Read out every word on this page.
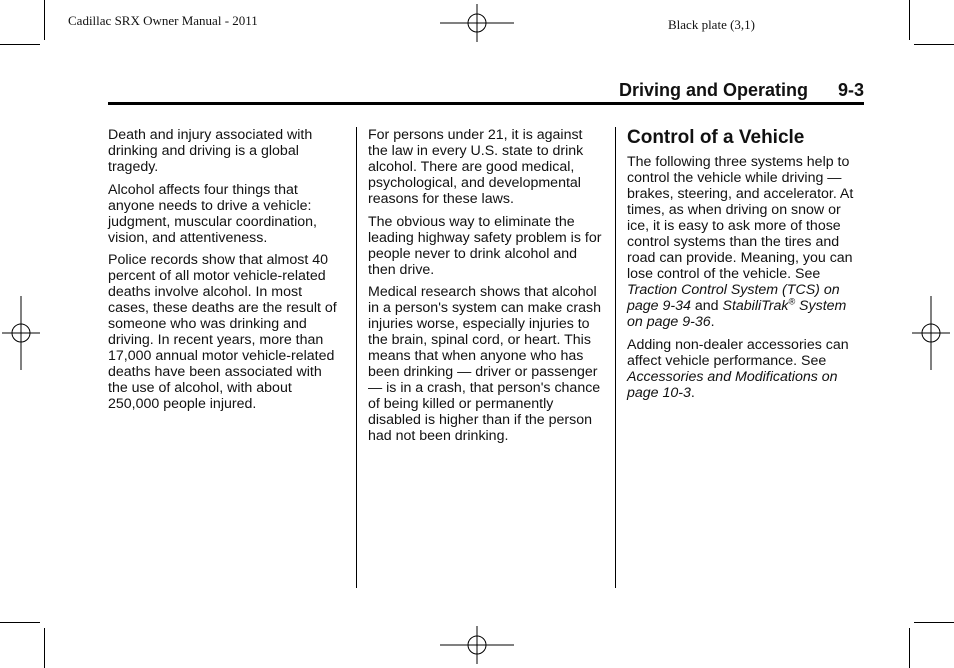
Cadillac SRX Owner Manual - 2011	Black plate (3,1)
Driving and Operating 9-3

Death and injury associated with drinking and driving is a global tragedy.

Alcohol affects four things that anyone needs to drive a vehicle: judgment, muscular coordination, vision, and attentiveness.

Police records show that almost 40 percent of all motor vehicle-related deaths involve alcohol. In most cases, these deaths are the result of someone who was drinking and driving. In recent years, more than 17,000 annual motor vehicle-related deaths have been associated with the use of alcohol, with about 250,000 people injured.

For persons under 21, it is against the law in every U.S. state to drink alcohol. There are good medical, psychological, and developmental reasons for these laws.

The obvious way to eliminate the leading highway safety problem is for people never to drink alcohol and then drive.

Medical research shows that alcohol in a person's system can make crash injuries worse, especially injuries to the brain, spinal cord, or heart. This means that when anyone who has been drinking — driver or passenger — is in a crash, that person's chance of being killed or permanently disabled is higher than if the person had not been drinking.

Control of a Vehicle

The following three systems help to control the vehicle while driving — brakes, steering, and accelerator. At times, as when driving on snow or ice, it is easy to ask more of those control systems than the tires and road can provide. Meaning, you can lose control of the vehicle. See Traction Control System (TCS) on page 9-34 and StabiliTrak® System on page 9-36.

Adding non-dealer accessories can affect vehicle performance. See Accessories and Modifications on page 10-3.
